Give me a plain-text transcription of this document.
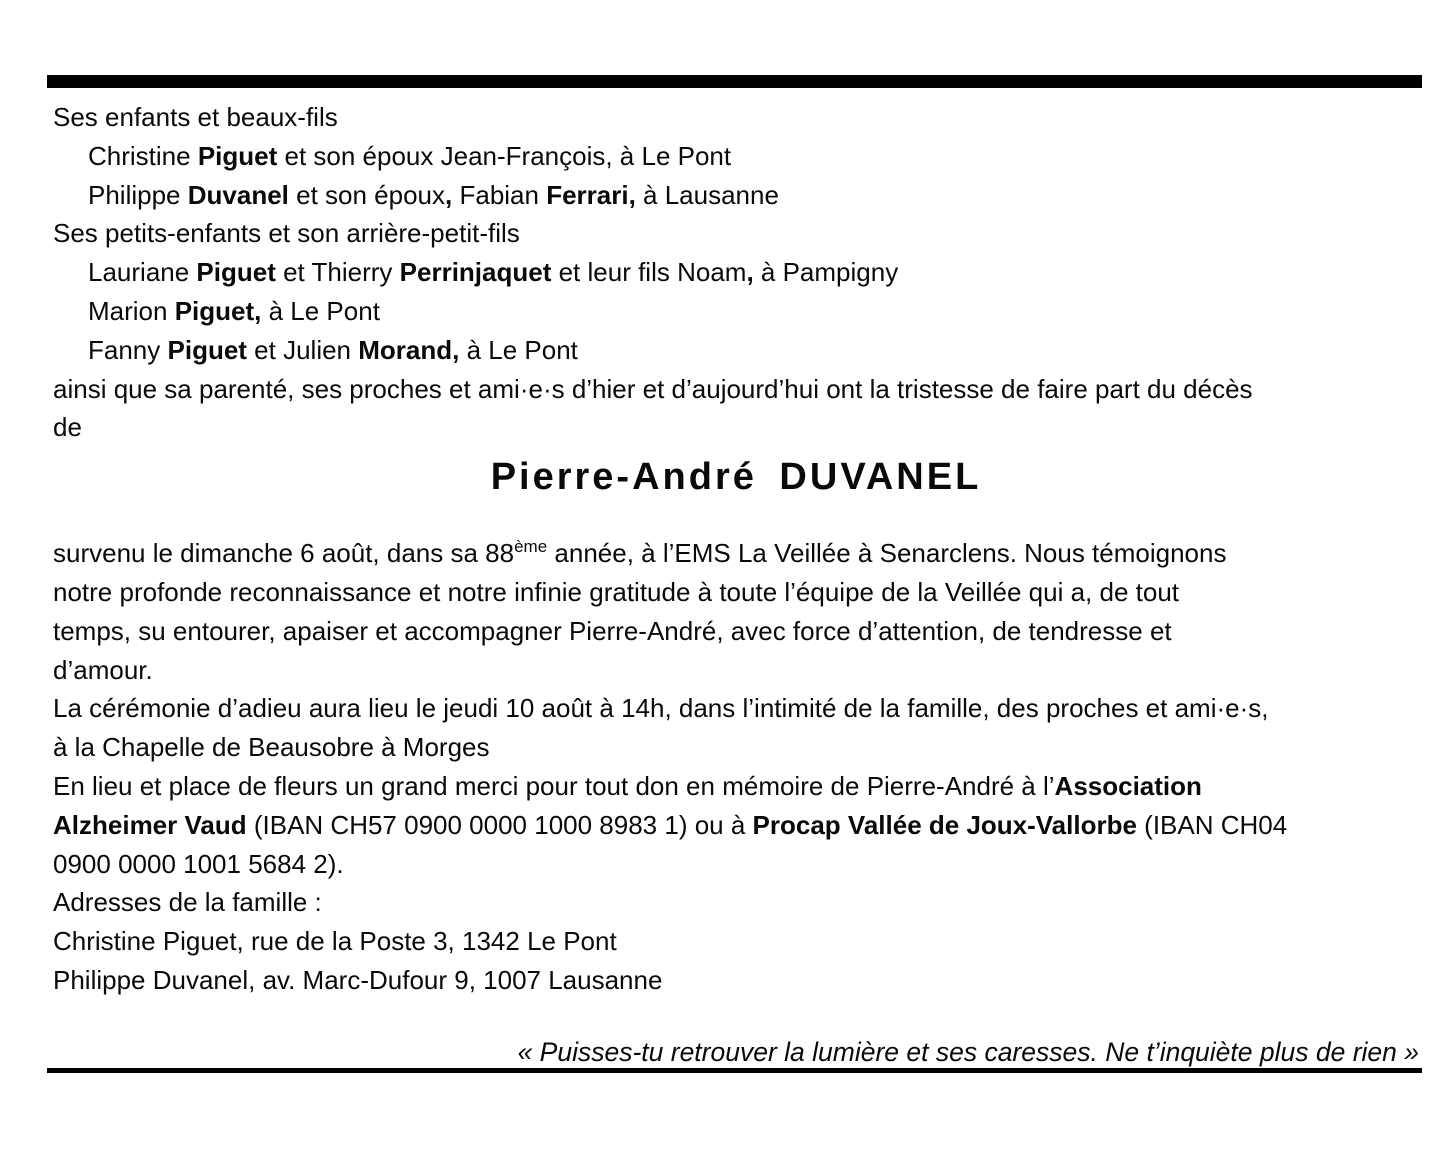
Ses enfants et beaux-fils
Christine Piguet et son époux Jean-François, à Le Pont
Philippe Duvanel et son époux, Fabian Ferrari, à Lausanne
Ses petits-enfants et son arrière-petit-fils
Lauriane Piguet et Thierry Perrinjaquet et leur fils Noam, à Pampigny
Marion Piguet, à Le Pont
Fanny Piguet et Julien Morand, à Le Pont
ainsi que sa parenté, ses proches et ami·e·s d’hier et d’aujourd’hui ont la tristesse de faire part du décès
de
Pierre-André DUVANEL
survenu le dimanche 6 août, dans sa 88ème année, à l’EMS La Veillée à Senarclens. Nous témoignons
notre profonde reconnaissance et notre infinie gratitude à toute l’équipe de la Veillée qui a, de tout
temps, su entourer, apaiser et accompagner Pierre-André, avec force d’attention, de tendresse et
d’amour.
La cérémonie d’adieu aura lieu le jeudi 10 août à 14h, dans l’intimité de la famille, des proches et ami·e·s,
à la Chapelle de Beausobre à Morges
En lieu et place de fleurs un grand merci pour tout don en mémoire de Pierre-André à l’Association
Alzheimer Vaud (IBAN CH57 0900 0000 1000 8983 1) ou à Procap Vallée de Joux-Vallorbe (IBAN CH04
0900 0000 1001 5684 2).
Adresses de la famille :
Christine Piguet, rue de la Poste 3, 1342 Le Pont
Philippe Duvanel, av. Marc-Dufour 9, 1007 Lausanne
« Puisses-tu retrouver la lumière et ses caresses. Ne t’inquiète plus de rien »
